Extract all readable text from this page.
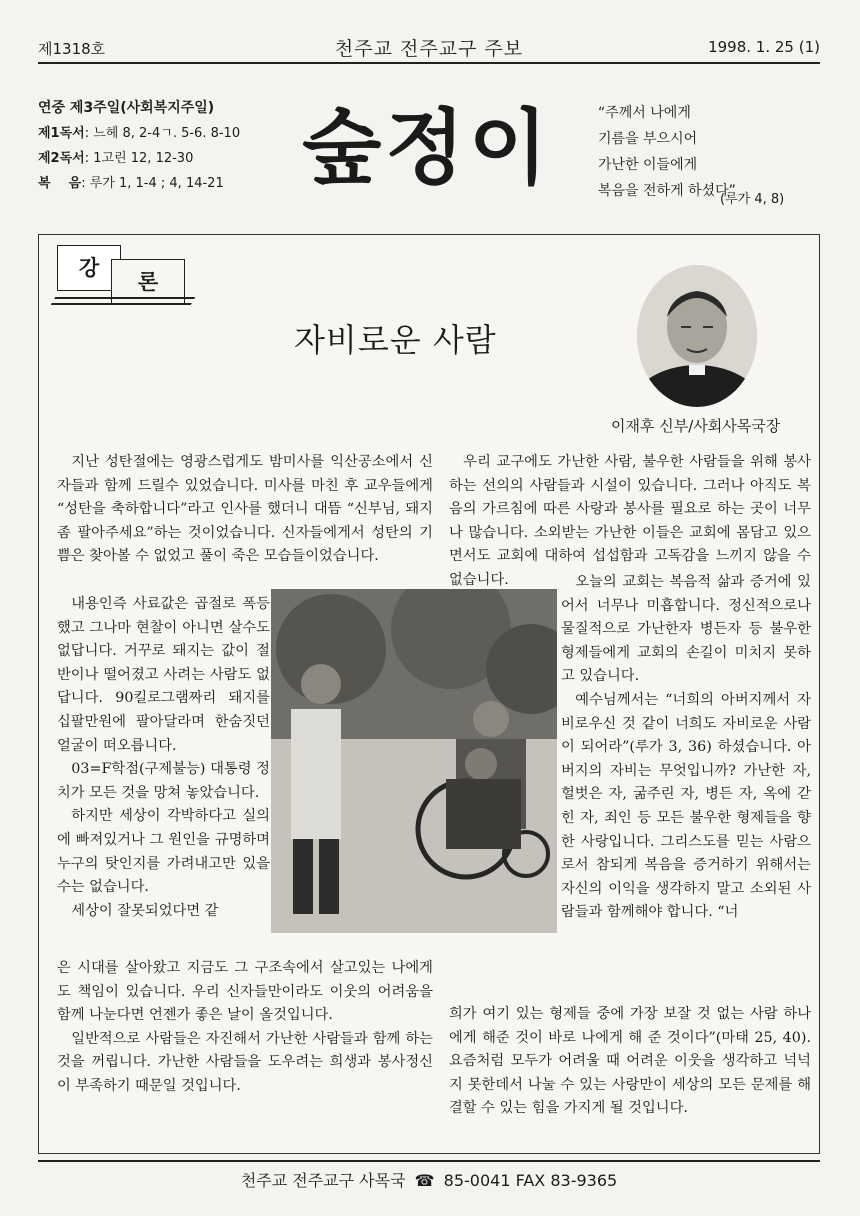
제1318호	천주교 전주교구 주보	1998. 1. 25 (1)
연중 제3주일(사회복지주일)
제1독서 : 느헤 8, 2-4ㄱ. 5-6. 8-10
제2독서 : 1고린 12, 12-30
복    음 : 루가 1, 1-4 ; 4, 14-21 숲정이	“주께서 나에게
기름을 부으시어
가난한 이들에게
복음을 전하게 하셨다”
(루가 4, 8)
강
론
자비로운 사람
이재후 신부/사회사목국장

지난 성탄절에는 영광스럽게도 밤미사를 익산공소에서 신자들과 함께 드릴수 있었습니다. 미사를 마친 후 교우들에게 “성탄을 축하합니다”라고 인사를 했더니 대뜸 “신부님, 돼지좀 팔아주세요”하는 것이었습니다. 신자들에게서 성탄의 기쁨은 찾아볼 수 없었고 풀이 죽은 모습들이었습니다.

내용인즉 사료값은 곱절로 폭등했고 그나마 현찰이 아니면 살수도 없답니다. 거꾸로 돼지는 값이 절반이나 떨어졌고 사려는 사람도 없답니다. 90킬로그램짜리 돼지를 십팔만원에 팔아달라며 한숨짓던 얼굴이 떠오릅니다.

03=F학점(구제불능) 대통령 정치가 모든 것을 망쳐 놓았습니다.

하지만 세상이 각박하다고 실의에 빠져있거나 그 원인을 규명하며 누구의 탓인지를 가려내고만 있을수는 없습니다.

세상이 잘못되었다면 같

은 시대를 살아왔고 지금도 그 구조속에서 살고있는 나에게도 책임이 있습니다. 우리 신자들만이라도 이웃의 어려움을 함께 나눈다면 언젠가 좋은 날이 올것입니다.

일반적으로 사람들은 자진해서 가난한 사람들과 함께 하는 것을 꺼립니다. 가난한 사람들을 도우려는 희생과 봉사정신이 부족하기 때문일 것입니다.

우리 교구에도 가난한 사람, 불우한 사람들을 위해 봉사하는 선의의 사람들과 시설이 있습니다. 그러나 아직도 복음의 가르침에 따른 사랑과 봉사를 필요로 하는 곳이 너무나 많습니다. 소외받는 가난한 이들은 교회에 몸담고 있으면서도 교회에 대하여 섭섭함과 고독감을 느끼지 않을 수 없습니다.	오늘의 교회는 복음적 삶과 증거에 있어서 너무나 미흡합니다. 정신적으로나 물질적으로 가난한자 병든자 등 불우한 형제들에게 교회의 손길이 미치지 못하고 있습니다.

예수님께서는 “너희의 아버지께서 자비로우신 것 같이 너희도 자비로운 사람이 되어라”(루가 3, 36) 하셨습니다. 아버지의 자비는 무엇입니까? 가난한 자, 헐벗은 자, 굶주린 자, 병든 자, 옥에 갇힌 자, 죄인 등 모든 불우한 형제들을 향한 사랑입니다. 그리스도를 믿는 사람으로서 참되게 복음을 증거하기 위해서는 자신의 이익을 생각하지 말고 소외된 사람들과 함께해야 합니다. “너

희가 여기 있는 형제들 중에 가장 보잘 것 없는 사람 하나에게 해준 것이 바로 나에게 해 준 것이다”(마태 25, 40). 요즘처럼 모두가 어려울 때 어려운 이웃을 생각하고 넉넉지 못한데서 나눌 수 있는 사랑만이 세상의 모든 문제를 해결할 수 있는 힘을 가지게 될 것입니다.

천주교 전주교구 사목국 ☎ 85-0041 FAX 83-9365
